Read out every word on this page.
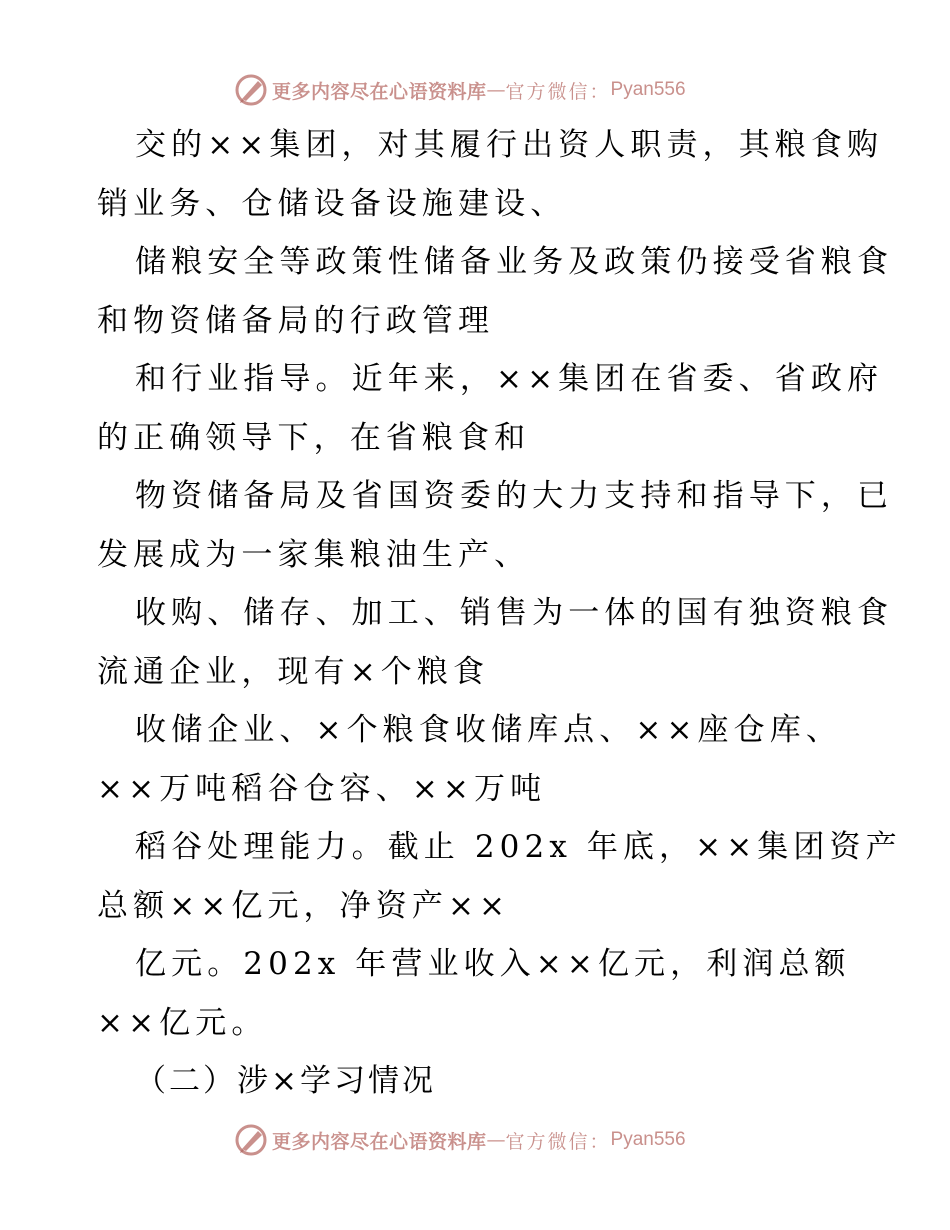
更多内容尽在心语资料库 — 官方微信： Pyan556
交的××集团，对其履行出资人职责，其粮食购
销业务、仓储设备设施建设、
储粮安全等政策性储备业务及政策仍接受省粮食
和物资储备局的行政管理
和行业指导。近年来，××集团在省委、省政府
的正确领导下，在省粮食和
物资储备局及省国资委的大力支持和指导下，已
发展成为一家集粮油生产、
收购、储存、加工、销售为一体的国有独资粮食
流通企业，现有×个粮食
收储企业、×个粮食收储库点、××座仓库、
××万吨稻谷仓容、××万吨
稻谷处理能力。截止 202x 年底，××集团资产
总额××亿元，净资产××
亿元。202x 年营业收入××亿元，利润总额
××亿元。
（二）涉×学习情况
更多内容尽在心语资料库 — 官方微信： Pyan556
